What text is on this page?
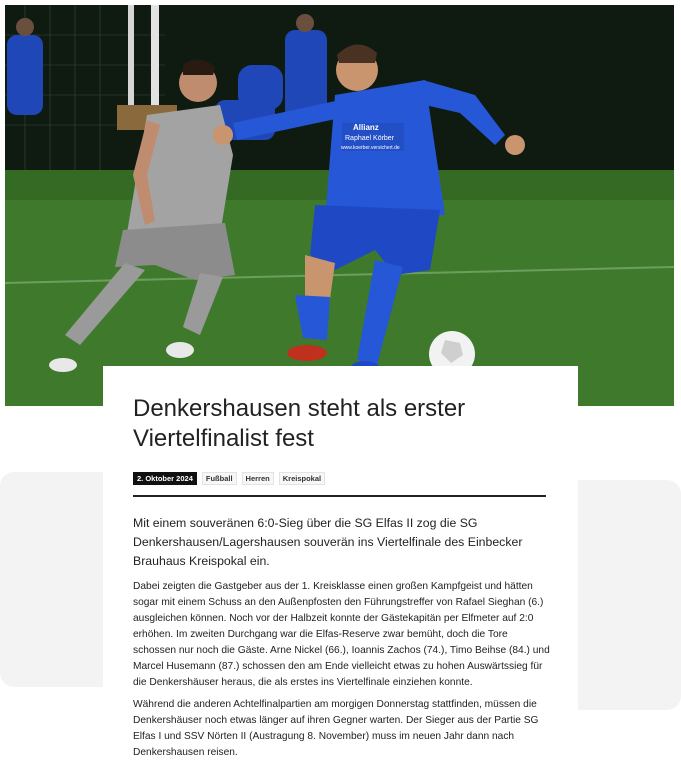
Allianz
Raphael Körber
www.koerber.versichert.de
Denkershausen steht als erster Viertelfinalist fest
2. Oktober 2024	Fußball	Herren	Kreispokal

Mit einem souveränen 6:0-Sieg über die SG Elfas II zog die SG Denkershausen/Lagershausen souverän ins Viertelfinale des Einbecker Brauhaus Kreispokal ein.

Dabei zeigten die Gastgeber aus der 1. Kreisklasse einen großen Kampfgeist und hätten sogar mit einem Schuss an den Außenpfosten den Führungstreffer von Rafael Sieghan (6.) ausgleichen können. Noch vor der Halbzeit konnte der Gästekapitän per Elfmeter auf 2:0 erhöhen. Im zweiten Durchgang war die Elfas-Reserve zwar bemüht, doch die Tore schossen nur noch die Gäste. Arne Nickel (66.), Ioannis Zachos (74.), Timo Beihse (84.) und Marcel Husemann (87.) schossen den am Ende vielleicht etwas zu hohen Auswärtssieg für die Denkershäuser heraus, die als erstes ins Viertelfinale einziehen konnte.

Während die anderen Achtelfinalpartien am morgigen Donnerstag stattfinden, müssen die Denkershäuser noch etwas länger auf ihren Gegner warten. Der Sieger aus der Partie SG Elfas I und SSV Nörten II (Austragung 8. November) muss im neuen Jahr dann nach Denkershausen reisen.
